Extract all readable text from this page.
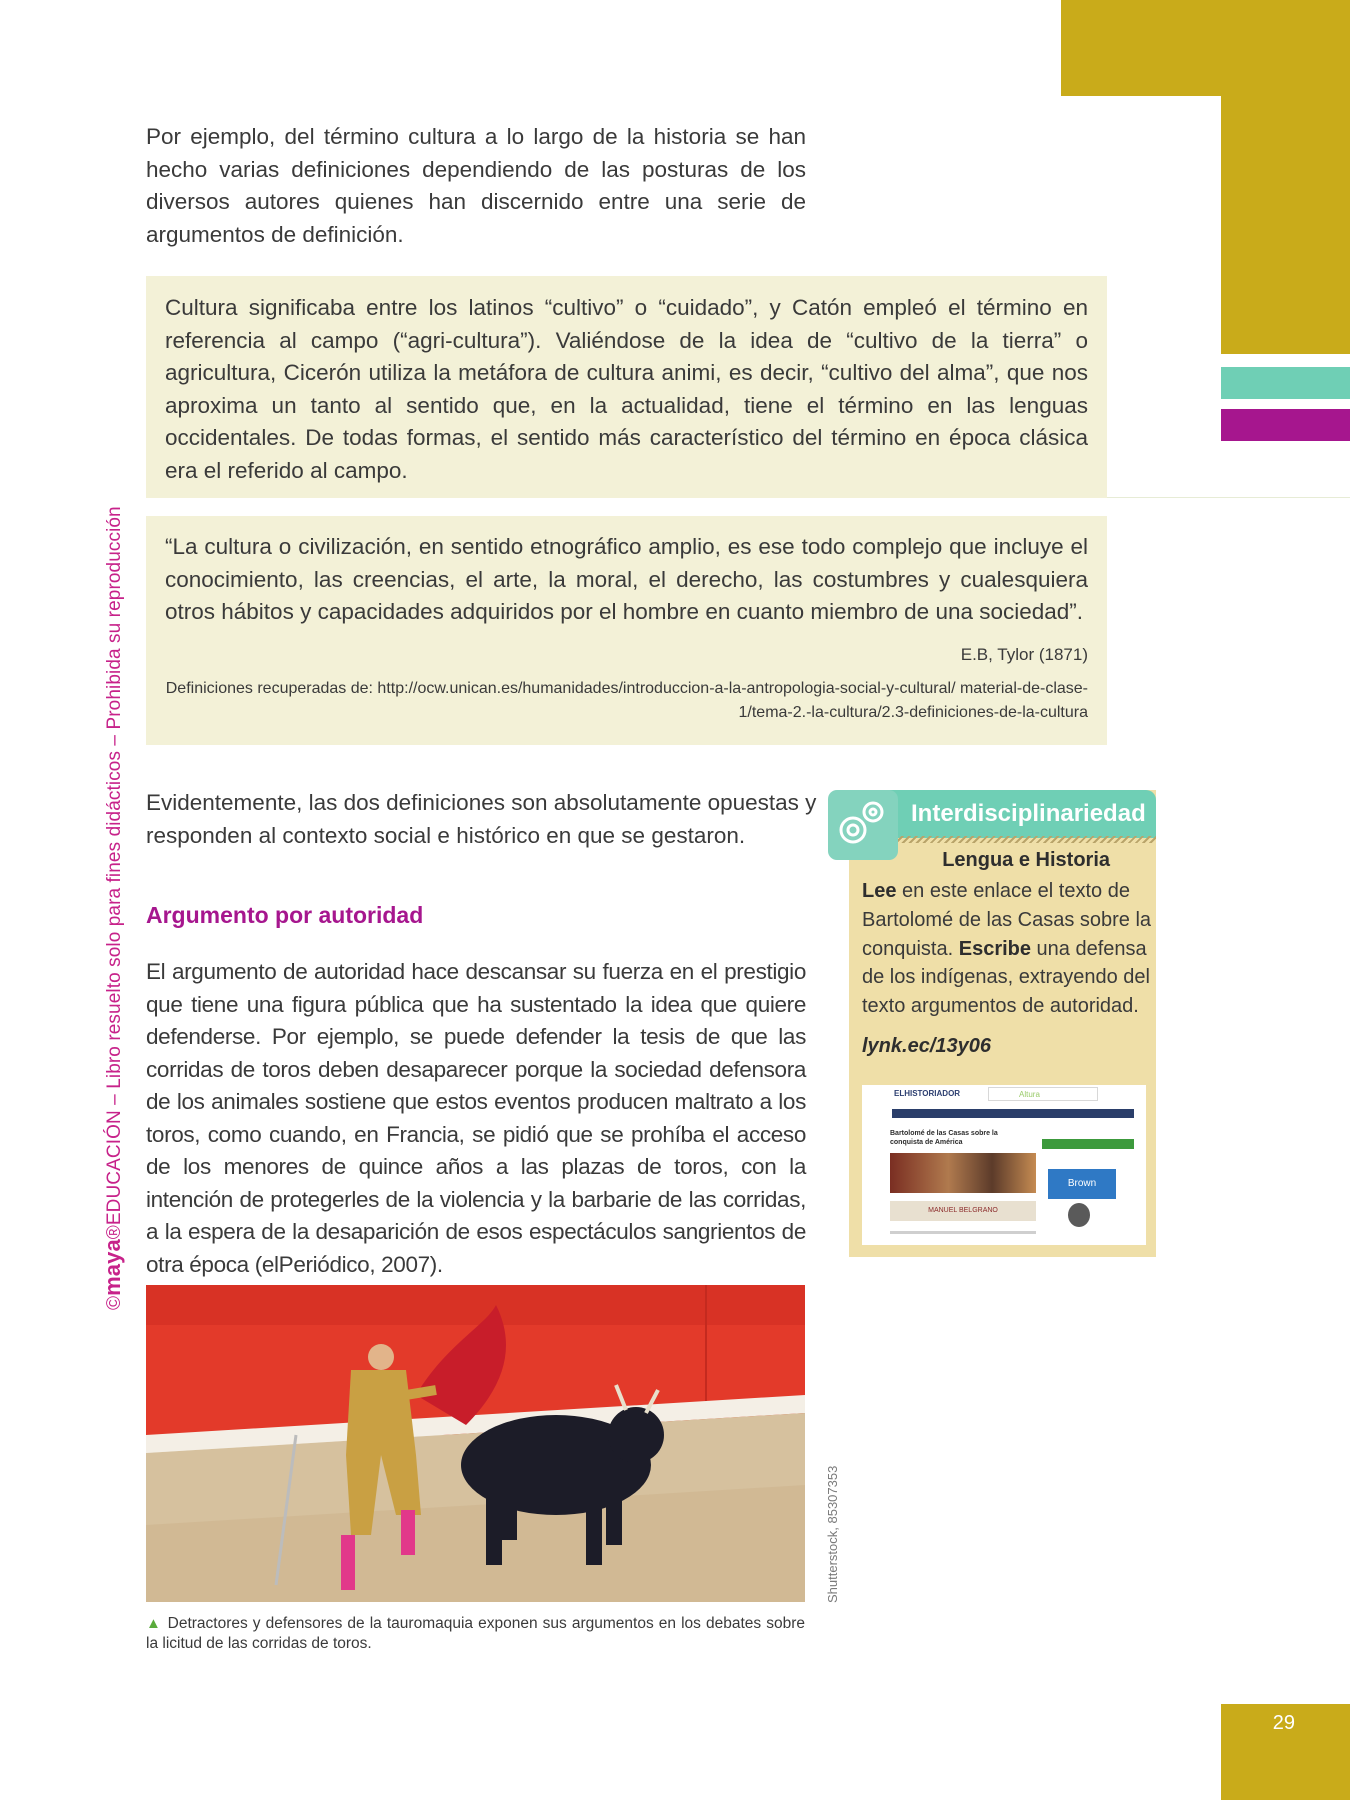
©maya®EDUCACIÓN – Libro resuelto solo para fines didácticos – Prohibida su reproducción
Por ejemplo, del término cultura a lo largo de la historia se han hecho varias definiciones dependiendo de las posturas de los diversos autores quienes han discernido entre una serie de argumentos de definición.
Cultura significaba entre los latinos “cultivo” o “cuidado”, y Catón empleó el término en referencia al campo (“agri-cultura”). Valiéndose de la idea de “cultivo de la tierra” o agricultura, Cicerón utiliza la metáfora de cultura animi, es decir, “cultivo del alma”, que nos aproxima un tanto al sentido que, en la actualidad, tiene el término en las lenguas occidentales. De todas formas, el sentido más característico del término en época clásica era el referido al campo.
“La cultura o civilización, en sentido etnográfico amplio, es ese todo complejo que incluye el conocimiento, las creencias, el arte, la moral, el derecho, las costumbres y cualesquiera otros hábitos y capacidades adquiridos por el hombre en cuanto miembro de una sociedad”.
E.B, Tylor (1871)
Definiciones recuperadas de: http://ocw.unican.es/humanidades/introduccion-a-la-antropologia-social-y-cultural/ material-de-clase-1/tema-2.-la-cultura/2.3-definiciones-de-la-cultura
Evidentemente, las dos definiciones son absolutamente opuestas y responden al contexto social e histórico en que se gestaron.
Argumento por autoridad
El argumento de autoridad hace descansar su fuerza en el prestigio que tiene una figura pública que ha sustentado la idea que quiere defenderse. Por ejemplo, se puede defender la tesis de que las corridas de toros deben desaparecer porque la sociedad defensora de los animales sostiene que estos eventos producen maltrato a los toros, como cuando, en Francia, se pidió que se prohíba el acceso de los menores de quince años a las plazas de toros, con la intención de protegerles de la violencia y la barbarie de las corridas, a la espera de la desaparición de esos espectáculos sangrientos de otra época (elPeriódico, 2007).
Interdisciplinariedad
Lengua e Historia
Lee en este enlace el texto de Bartolomé de las Casas sobre la conquista. Escribe una defensa de los indígenas, extrayendo del texto argumentos de autoridad.
lynk.ec/13y06
ELHISTORIADOR	Altura
Bartolomé de las Casas sobre la conquista de América
Brown
MANUEL BELGRANO
Shutterstock, 85307353
▲ Detractores y defensores de la tauromaquia exponen sus argumentos en los debates sobre la licitud de las corridas de toros.
29
